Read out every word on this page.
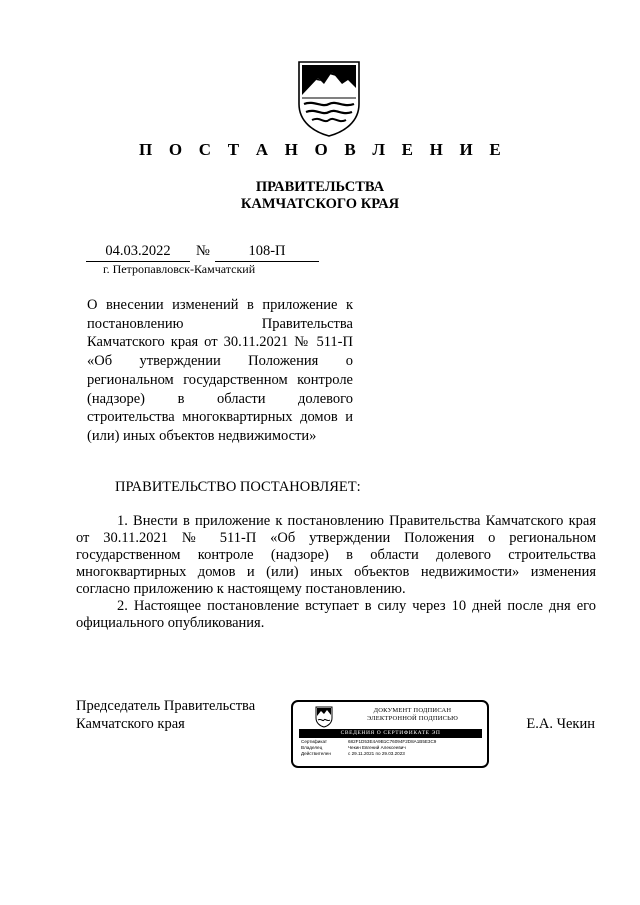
П О С Т А Н О В Л Е Н И Е
ПРАВИТЕЛЬСТВА
КАМЧАТСКОГО КРАЯ
04.03.2022	№	108-П
г. Петропавловск-Камчатский
О внесении изменений в приложение к
постановлению Правительства
Камчатского края от 30.11.2021 № 511-П
«Об утверждении Положения о
региональном государственном контроле
(надзоре) в области долевого
строительства многоквартирных домов и
(или) иных объектов недвижимости»
ПРАВИТЕЛЬСТВО ПОСТАНОВЛЯЕТ:
1. Внести в приложение к постановлению Правительства Камчатского края
от 30.11.2021 № 511-П «Об утверждении Положения о региональном
государственном контроле (надзоре) в области долевого строительства
многоквартирных домов и (или) иных объектов недвижимости» изменения
согласно приложению к настоящему постановлению.
2. Настоящее постановление вступает в силу через 10 дней после дня его
официального опубликования.
Председатель Правительства
Камчатского края
ДОКУМЕНТ ПОДПИСАН
ЭЛЕКТРОННОЙ ПОДПИСЬЮ
СВЕДЕНИЯ О СЕРТИФИКАТЕ ЭП
Сертификат	682F1D53E4A9B1C76094F2D8A1B5E3C9
Владелец	Чекин Евгений Алексеевич
Действителен	с 29.11.2021 по 29.03.2023
Е.А. Чекин
